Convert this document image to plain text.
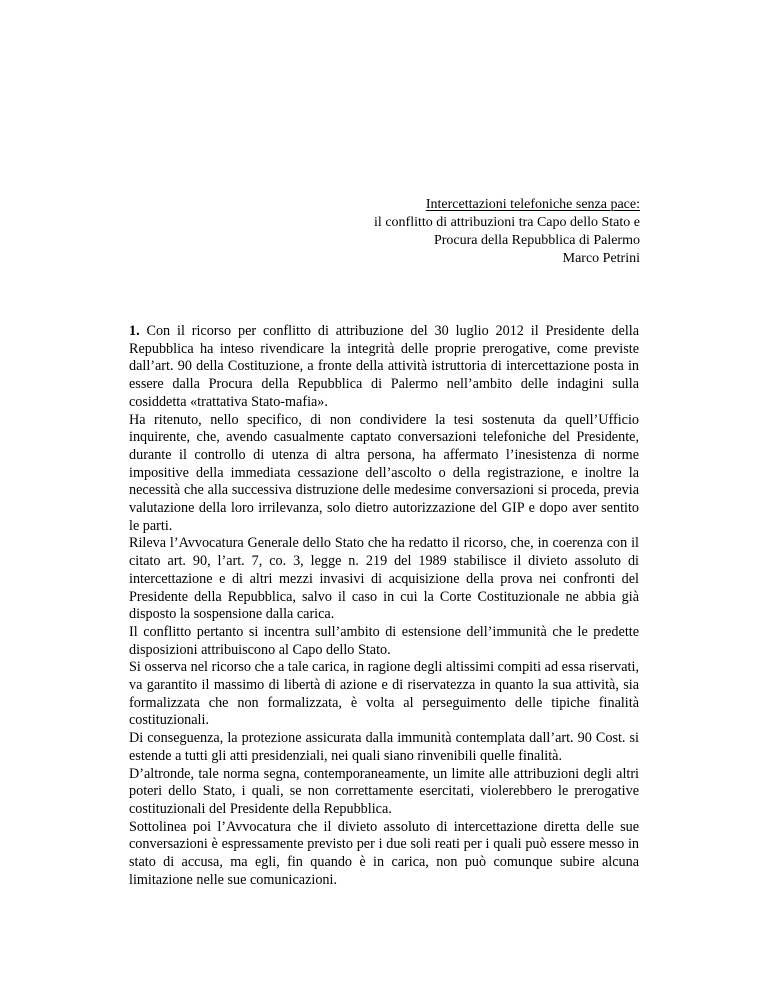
Intercettazioni telefoniche senza pace:
il conflitto di attribuzioni tra Capo dello Stato e
Procura della Repubblica di Palermo
Marco Petrini

1. Con il ricorso per conflitto di attribuzione del 30 luglio 2012 il Presidente della Repubblica ha inteso rivendicare la integrità delle proprie prerogative, come previste dall’art. 90 della Costituzione, a fronte della attività istruttoria di intercettazione posta in essere dalla Procura della Repubblica di Palermo nell’ambito delle indagini sulla cosiddetta «trattativa Stato-mafia».

Ha ritenuto, nello specifico, di non condividere la tesi sostenuta da quell’Ufficio inquirente, che, avendo casualmente captato conversazioni telefoniche del Presidente, durante il controllo di utenza di altra persona, ha affermato l’inesistenza di norme impositive della immediata cessazione dell’ascolto o della registrazione, e inoltre la necessità che alla successiva distruzione delle medesime conversazioni si proceda, previa valutazione della loro irrilevanza, solo dietro autorizzazione del GIP e dopo aver sentito le parti.

Rileva l’Avvocatura Generale dello Stato che ha redatto il ricorso, che, in coerenza con il citato art. 90, l’art. 7, co. 3, legge n. 219 del 1989 stabilisce il divieto assoluto di intercettazione e di altri mezzi invasivi di acquisizione della prova nei confronti del Presidente della Repubblica, salvo il caso in cui la Corte Costituzionale ne abbia già disposto la sospensione dalla carica.

Il conflitto pertanto si incentra sull’ambito di estensione dell’immunità che le predette disposizioni attribuiscono al Capo dello Stato.

Si osserva nel ricorso che a tale carica, in ragione degli altissimi compiti ad essa riservati, va garantito il massimo di libertà di azione e di riservatezza in quanto la sua attività, sia formalizzata che non formalizzata, è volta al perseguimento delle tipiche finalità costituzionali.

Di conseguenza, la protezione assicurata dalla immunità contemplata dall’art. 90 Cost. si estende a tutti gli atti presidenziali, nei quali siano rinvenibili quelle finalità.

D’altronde, tale norma segna, contemporaneamente, un limite alle attribuzioni degli altri poteri dello Stato, i quali, se non correttamente esercitati, violerebbero le prerogative costituzionali del Presidente della Repubblica.

Sottolinea poi l’Avvocatura che il divieto assoluto di intercettazione diretta delle sue conversazioni è espressamente previsto per i due soli reati per i quali può essere messo in stato di accusa, ma egli, fin quando è in carica, non può comunque subire alcuna limitazione nelle sue comunicazioni.
